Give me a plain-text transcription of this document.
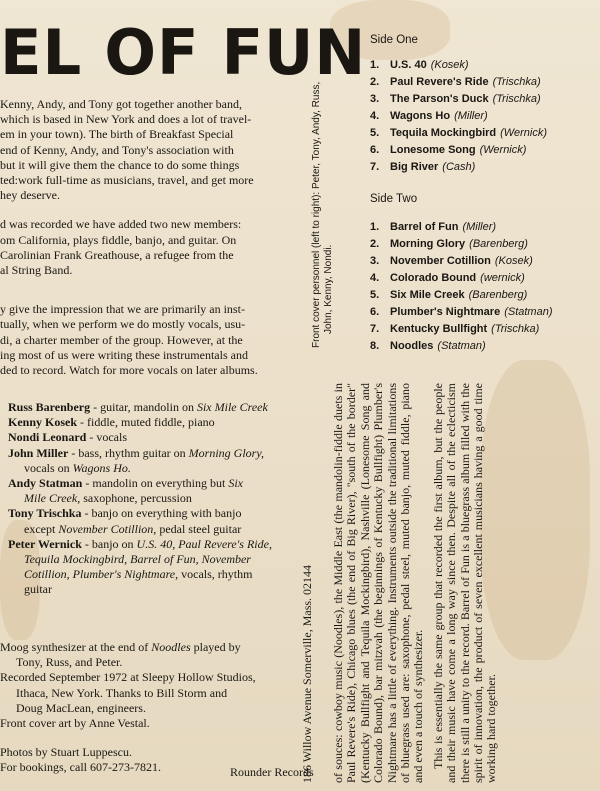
EL OF FUN

Kenny, Andy, and Tony got together another band,
which is based in New York and does a lot of travel-
em in your town). The birth of Breakfast Special
end of Kenny, Andy, and Tony's association with
but it will give them the chance to do some things
ted:work full-time as musicians, travel, and get more
hey deserve.

d was recorded we have added two new members:
om California, plays fiddle, banjo, and guitar. On
Carolinian Frank Greathouse, a refugee from the
al String Band.

y give the impression that we are primarily an inst-
tually, when we perform we do mostly vocals, usu-
di, a charter member of the group. However, at the
ing most of us were writing these instrumentals and
ded to record. Watch for more vocals on later albums.

Russ Barenberg - guitar, mandolin on Six Mile Creek
Kenny Kosek - fiddle, muted fiddle, piano
Nondi Leonard - vocals
John Miller - bass, rhythm guitar on Morning Glory,
vocals on Wagons Ho.
Andy Statman - mandolin on everything but Six
Mile Creek, saxophone, percussion
Tony Trischka - banjo on everything with banjo
except November Cotillion, pedal steel guitar
Peter Wernick - banjo on U.S. 40, Paul Revere's Ride,
Tequila Mockingbird, Barrel of Fun, November
Cotillion, Plumber's Nightmare, vocals, rhythm
guitar
Moog synthesizer at the end of Noodles played by
Tony, Russ, and Peter.
Recorded September 1972 at Sleepy Hollow Studios,
Ithaca, New York. Thanks to Bill Storm and
Doug MacLean, engineers.
Front cover art by Anne Vestal.
Photos by Stuart Luppescu.
For bookings, call 607-273-7821.	Rounder Records
186 Willow Avenue Somerville, Mass. 02144
Front cover personnel (left to right): Peter, Tony, Andy, Russ, John, Kenny, Nondi.

of souces: cowboy music (Noodles), the Middle East (the mandolin-fiddle duets in Paul Revere's Ride), Chicago blues (the end of Big River), "south of the border" (Kentucky Bullfight and Tequila Mockingbird), Nashville (Lonesome Song and Colorado Bound), bar mitzvah (the beginnings of Kentucky Bullfight) Plumber's Nightmare has a little of everything. Instruments outside the traditional limitations of bluegrass used are: saxophone, pedal steel, muted banjo, muted fiddle, piano and even a touch of synthesizer. This is essentially the same group that recorded the first album, but the people and their music have come a long way since then. Despite all of the eclecticism there is still a unity to the record. Barrel of Fun is a bluegrass album filled with the spirit of innovation, the product of seven excellent musicians having a good time working hard together.

Side One
1. U.S. 40 (Kosek)
2. Paul Revere's Ride (Trischka)
3. The Parson's Duck (Trischka)
4. Wagons Ho (Miller)
5. Tequila Mockingbird (Wernick)
6. Lonesome Song (Wernick)
7. Big River (Cash)
Side Two
1. Barrel of Fun (Miller)
2. Morning Glory (Barenberg)
3. November Cotillion (Kosek)
4. Colorado Bound (wernick)
5. Six Mile Creek (Barenberg)
6. Plumber's Nightmare (Statman)
7. Kentucky Bullfight (Trischka)
8. Noodles (Statman)
